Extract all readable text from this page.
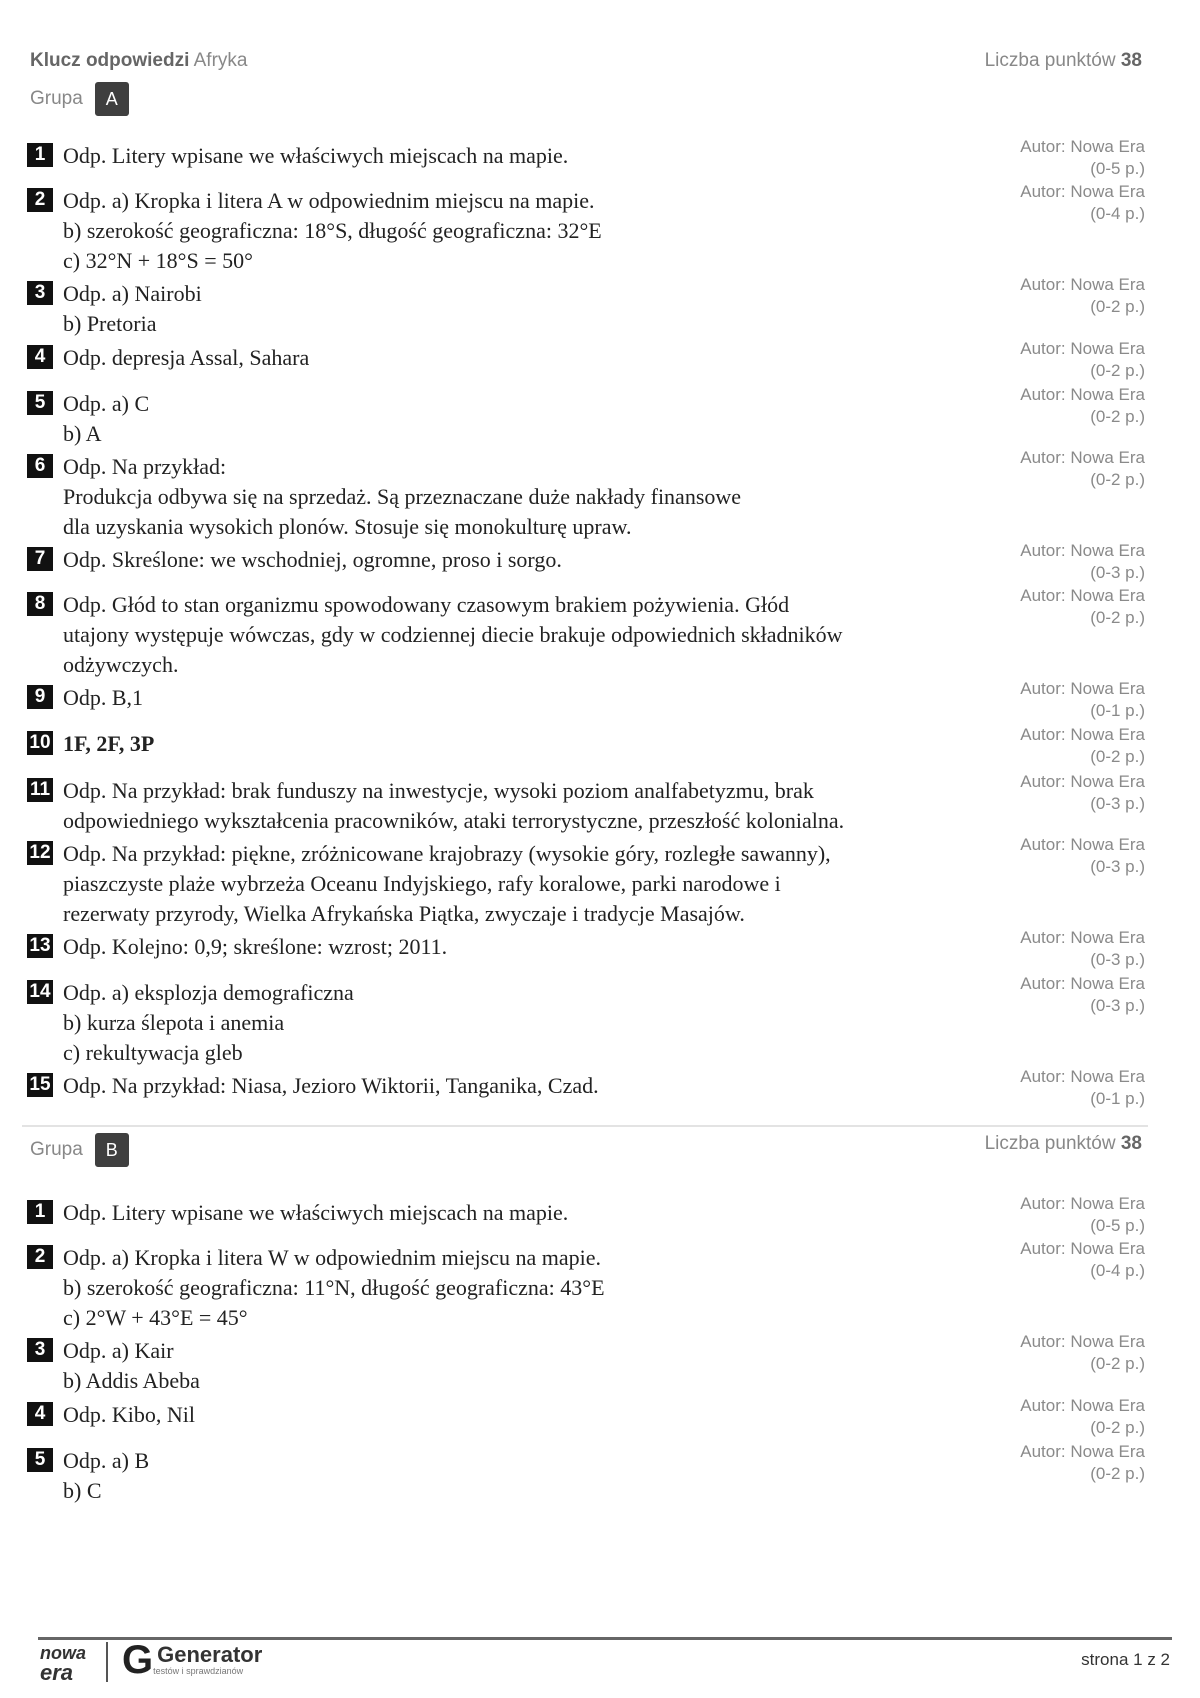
Klucz odpowiedzi Afryka	Liczba punktów 38
Grupa	A
1 Odp. Litery wpisane we właściwych miejscach na mapie.	Autor: Nowa Era
(0-5 p.)
2 Odp. a) Kropka i litera A w odpowiednim miejscu na mapie.
b) szerokość geograficzna: 18°S, długość geograficzna: 32°E
c) 32°N + 18°S = 50°
Autor: Nowa Era
(0-4 p.)
3 Odp. a) Nairobi
b) Pretoria
Autor: Nowa Era
(0-2 p.)
4 Odp. depresja Assal, Sahara	Autor: Nowa Era
(0-2 p.)
5 Odp. a) C
b) A
Autor: Nowa Era
(0-2 p.)
6 Odp. Na przykład:
Produkcja odbywa się na sprzedaż. Są przeznaczane duże nakłady finansowe
dla uzyskania wysokich plonów. Stosuje się monokulturę upraw.
Autor: Nowa Era
(0-2 p.)
7 Odp. Skreślone: we wschodniej, ogromne, proso i sorgo.	Autor: Nowa Era
(0-3 p.)
8 Odp. Głód to stan organizmu spowodowany czasowym brakiem pożywienia. Głód
utajony występuje wówczas, gdy w codziennej diecie brakuje odpowiednich składników
odżywczych.
Autor: Nowa Era
(0-2 p.)
9 Odp. B,1	Autor: Nowa Era
(0-1 p.)
10 1F, 2F, 3P	Autor: Nowa Era
(0-2 p.)
11 Odp. Na przykład: brak funduszy na inwestycje, wysoki poziom analfabetyzmu, brak
odpowiedniego wykształcenia pracowników, ataki terrorystyczne, przeszłość kolonialna.
Autor: Nowa Era
(0-3 p.)
12 Odp. Na przykład: piękne, zróżnicowane krajobrazy (wysokie góry, rozległe sawanny),
piaszczyste plaże wybrzeża Oceanu Indyjskiego, rafy koralowe, parki narodowe i
rezerwaty przyrody, Wielka Afrykańska Piątka, zwyczaje i tradycje Masajów.
Autor: Nowa Era
(0-3 p.)
13 Odp. Kolejno: 0,9; skreślone: wzrost; 2011.	Autor: Nowa Era
(0-3 p.)
14 Odp. a) eksplozja demograficzna
b) kurza ślepota i anemia
c) rekultywacja gleb
Autor: Nowa Era
(0-3 p.)
15 Odp. Na przykład: Niasa, Jezioro Wiktorii, Tanganika, Czad.	Autor: Nowa Era
(0-1 p.)
Liczba punktów 38
Grupa	B
1 Odp. Litery wpisane we właściwych miejscach na mapie.	Autor: Nowa Era
(0-5 p.)
2 Odp. a) Kropka i litera W w odpowiednim miejscu na mapie.
b) szerokość geograficzna: 11°N, długość geograficzna: 43°E
c) 2°W + 43°E = 45°
Autor: Nowa Era
(0-4 p.)
3 Odp. a) Kair
b) Addis Abeba
Autor: Nowa Era
(0-2 p.)
4 Odp. Kibo, Nil	Autor: Nowa Era
(0-2 p.)
5 Odp. a) B
b) C
Autor: Nowa Era
(0-2 p.)
nowa
era	G Generator
testów i sprawdzianów
strona 1 z 2
